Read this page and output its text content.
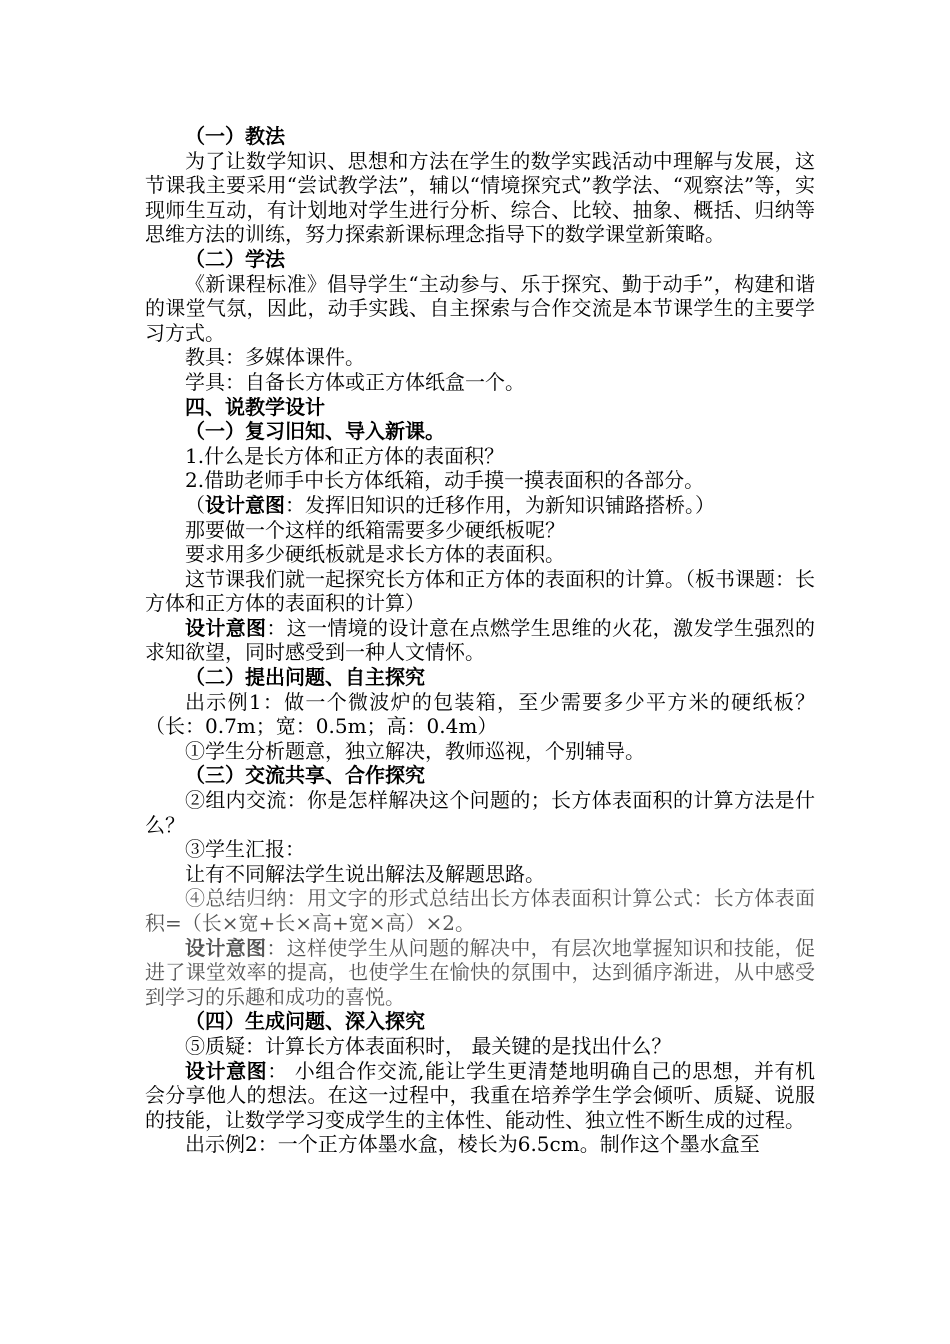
（一）教法

为了让数学知识、思想和方法在学生的数学实践活动中理解与发展，这节课我主要采用“尝试教学法”，辅以“情境探究式”教学法、“观察法”等，实现师生互动，有计划地对学生进行分析、综合、比较、抽象、概括、归纳等思维方法的训练，努力探索新课标理念指导下的数学课堂新策略。

（二）学法

《新课程标准》倡导学生“主动参与、乐于探究、勤于动手”，构建和谐的课堂气氛，因此，动手实践、自主探索与合作交流是本节课学生的主要学习方式。

教具：多媒体课件。

学具：自备长方体或正方体纸盒一个。

四、说教学设计

（一）复习旧知、导入新课。

1.什么是长方体和正方体的表面积？

2.借助老师手中长方体纸箱，动手摸一摸表面积的各部分。

（设计意图：发挥旧知识的迁移作用，为新知识铺路搭桥。）

那要做一个这样的纸箱需要多少硬纸板呢？

要求用多少硬纸板就是求长方体的表面积。

这节课我们就一起探究长方体和正方体的表面积的计算。（板书课题：长方体和正方体的表面积的计算）

设计意图：这一情境的设计意在点燃学生思维的火花，激发学生强烈的求知欲望，同时感受到一种人文情怀。

（二）提出问题、自主探究

出示例1：做一个微波炉的包装箱，至少需要多少平方米的硬纸板？（长：0.7m；宽：0.5m；高：0.4m）

①学生分析题意，独立解决，教师巡视，个别辅导。

（三）交流共享、合作探究

②组内交流：你是怎样解决这个问题的；长方体表面积的计算方法是什么？

③学生汇报：

让有不同解法学生说出解法及解题思路。

④总结归纳：用文字的形式总结出长方体表面积计算公式：长方体表面积=（长×宽+长×高+宽×高）×2。

设计意图：这样使学生从问题的解决中，有层次地掌握知识和技能，促进了课堂效率的提高，也使学生在愉快的氛围中，达到循序渐进，从中感受到学习的乐趣和成功的喜悦。

（四）生成问题、深入探究

⑤质疑：计算长方体表面积时， 最关键的是找出什么？

设计意图： 小组合作交流,能让学生更清楚地明确自己的思想，并有机会分享他人的想法。在这一过程中，我重在培养学生学会倾听、质疑、说服的技能，让数学学习变成学生的主体性、能动性、独立性不断生成的过程。

出示例2：一个正方体墨水盒，棱长为6.5cm。制作这个墨水盒至
